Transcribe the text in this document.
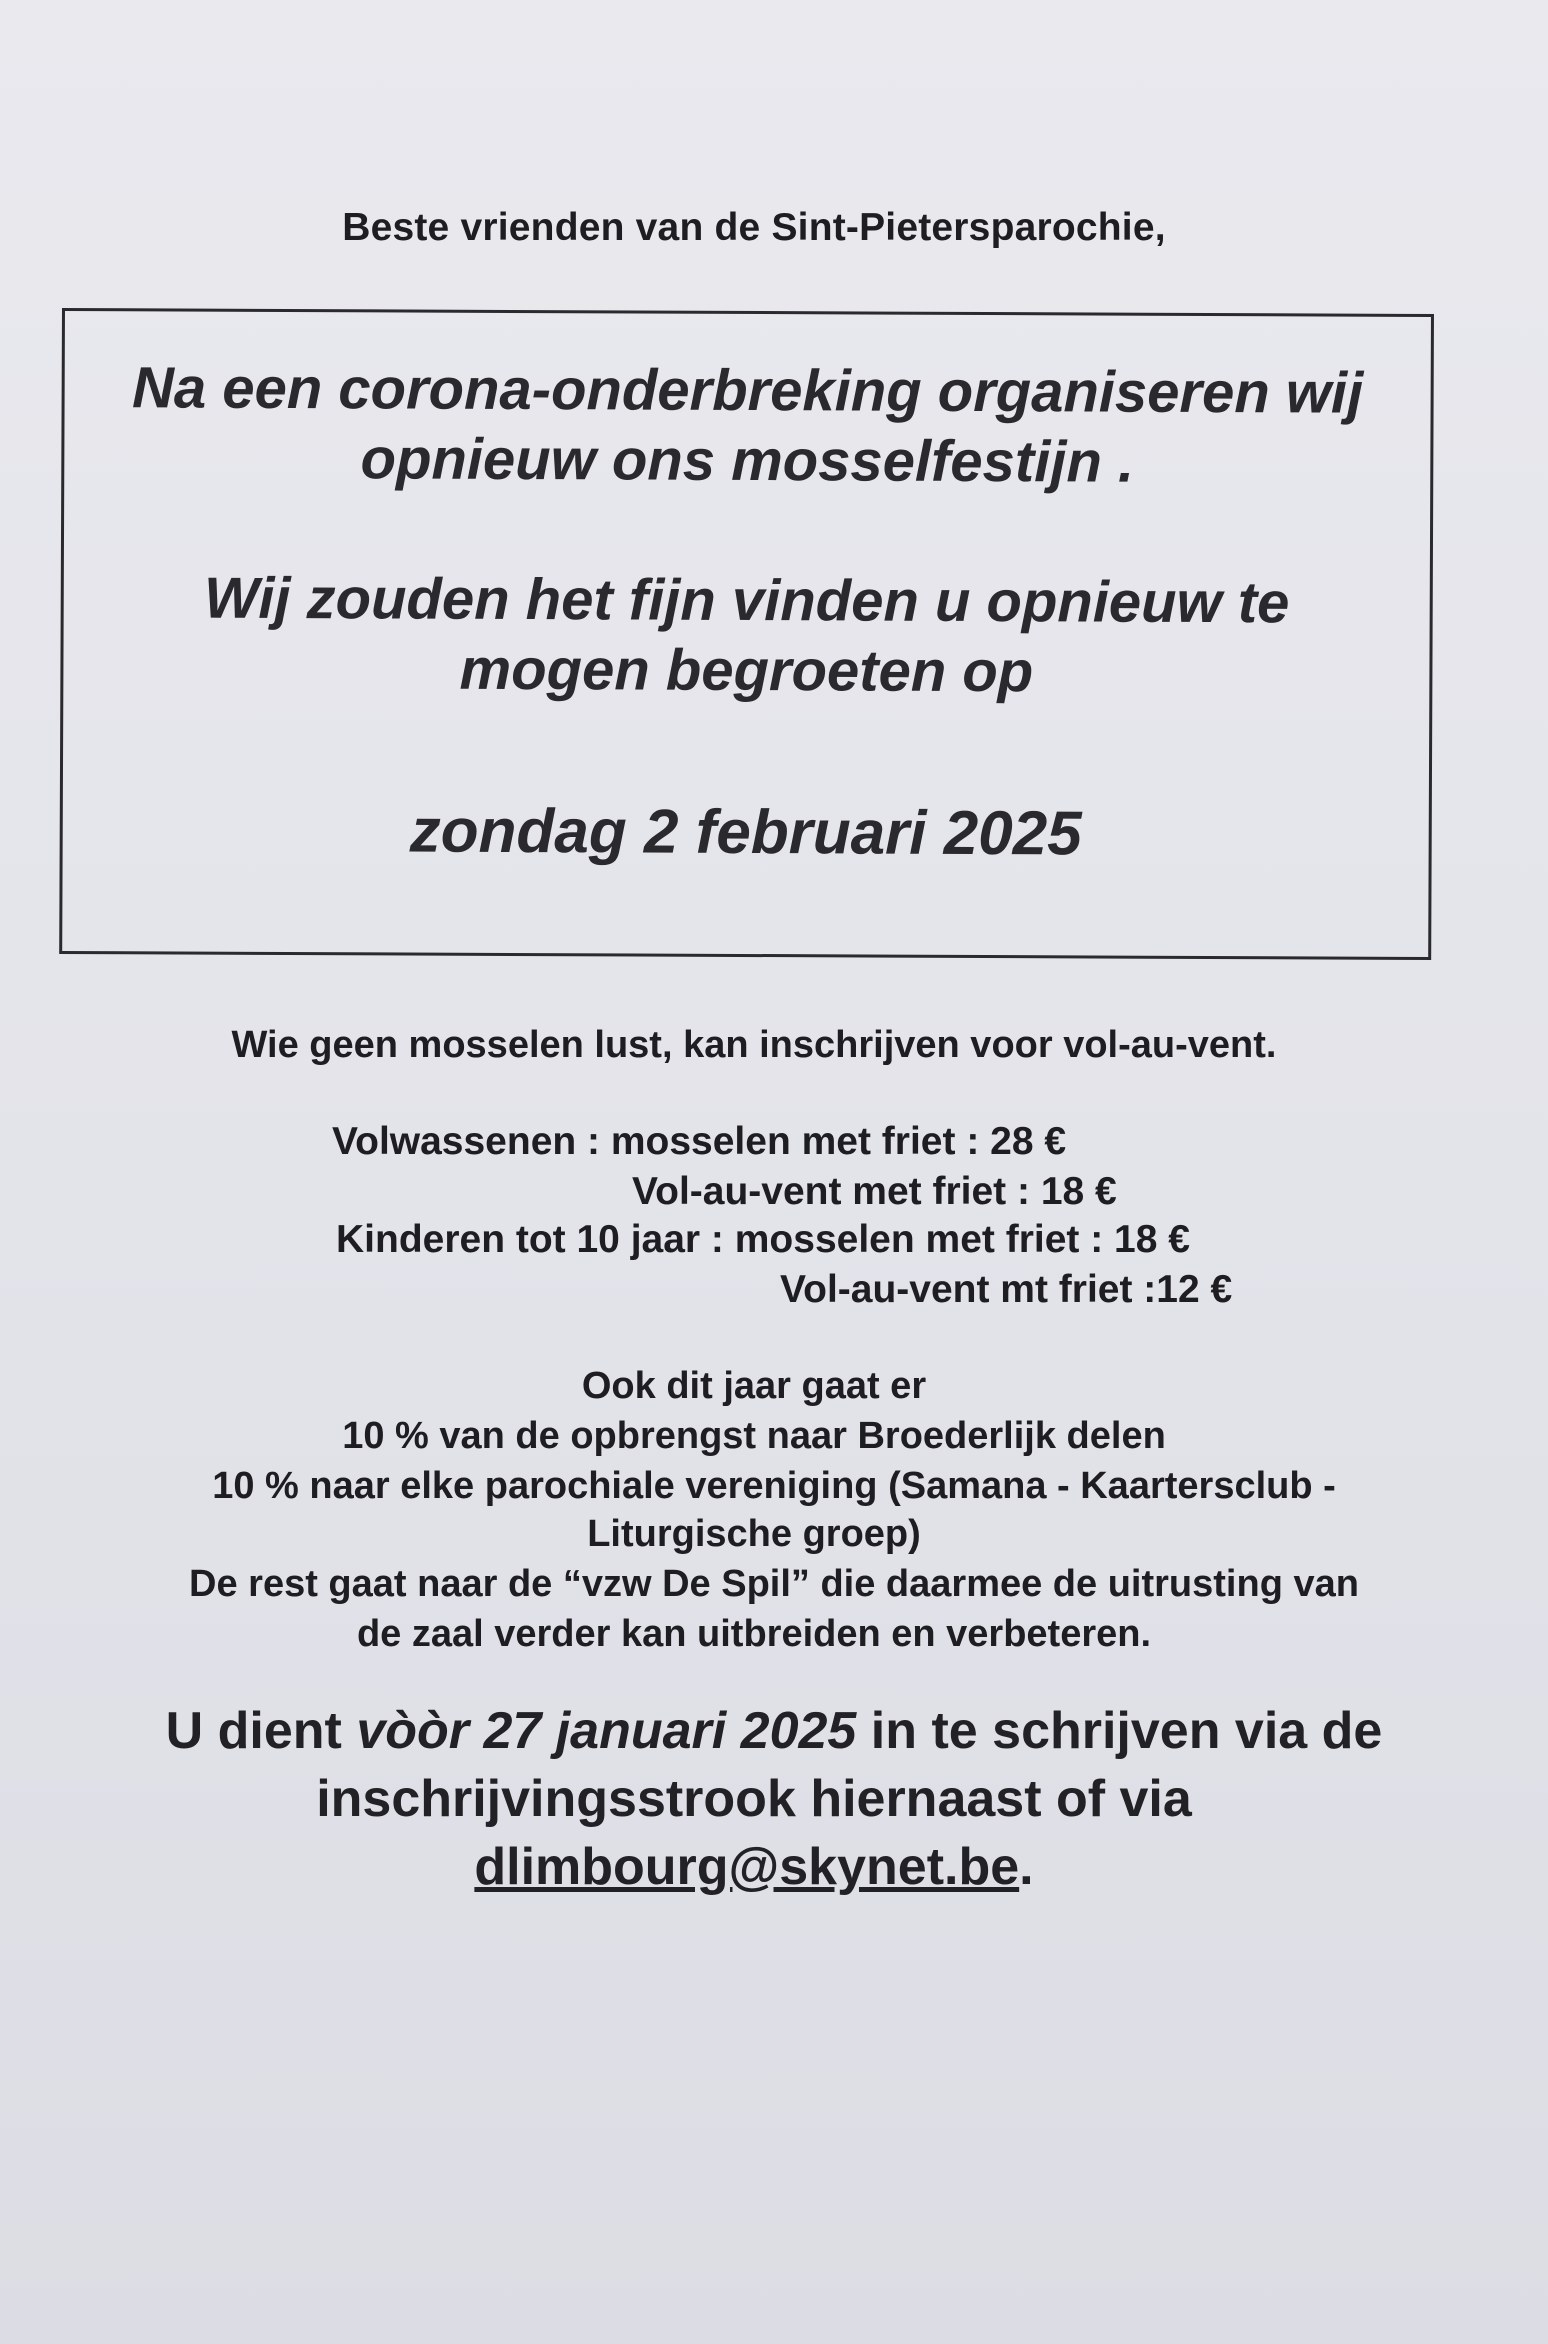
Beste vrienden van de Sint-Pietersparochie,
Na een corona-onderbreking organiseren wij
opnieuw ons mosselfestijn .
Wij zouden het fijn vinden u opnieuw te
mogen begroeten op
zondag 2 februari 2025
Wie geen mosselen lust, kan inschrijven voor vol-au-vent.
Volwassenen : mosselen met friet : 28 €
Vol-au-vent met friet : 18 €
Kinderen tot 10 jaar : mosselen met friet : 18 €
Vol-au-vent mt friet :12 €
Ook dit jaar gaat er
10 % van de opbrengst naar Broederlijk delen
10 % naar elke parochiale vereniging (Samana - Kaartersclub -
Liturgische groep)
De rest gaat naar de “vzw De Spil” die daarmee de uitrusting van
de zaal verder kan uitbreiden en verbeteren.
U dient vòòr 27 januari 2025 in te schrijven via de
inschrijvingsstrook hiernaast of via
dlimbourg@skynet.be.
